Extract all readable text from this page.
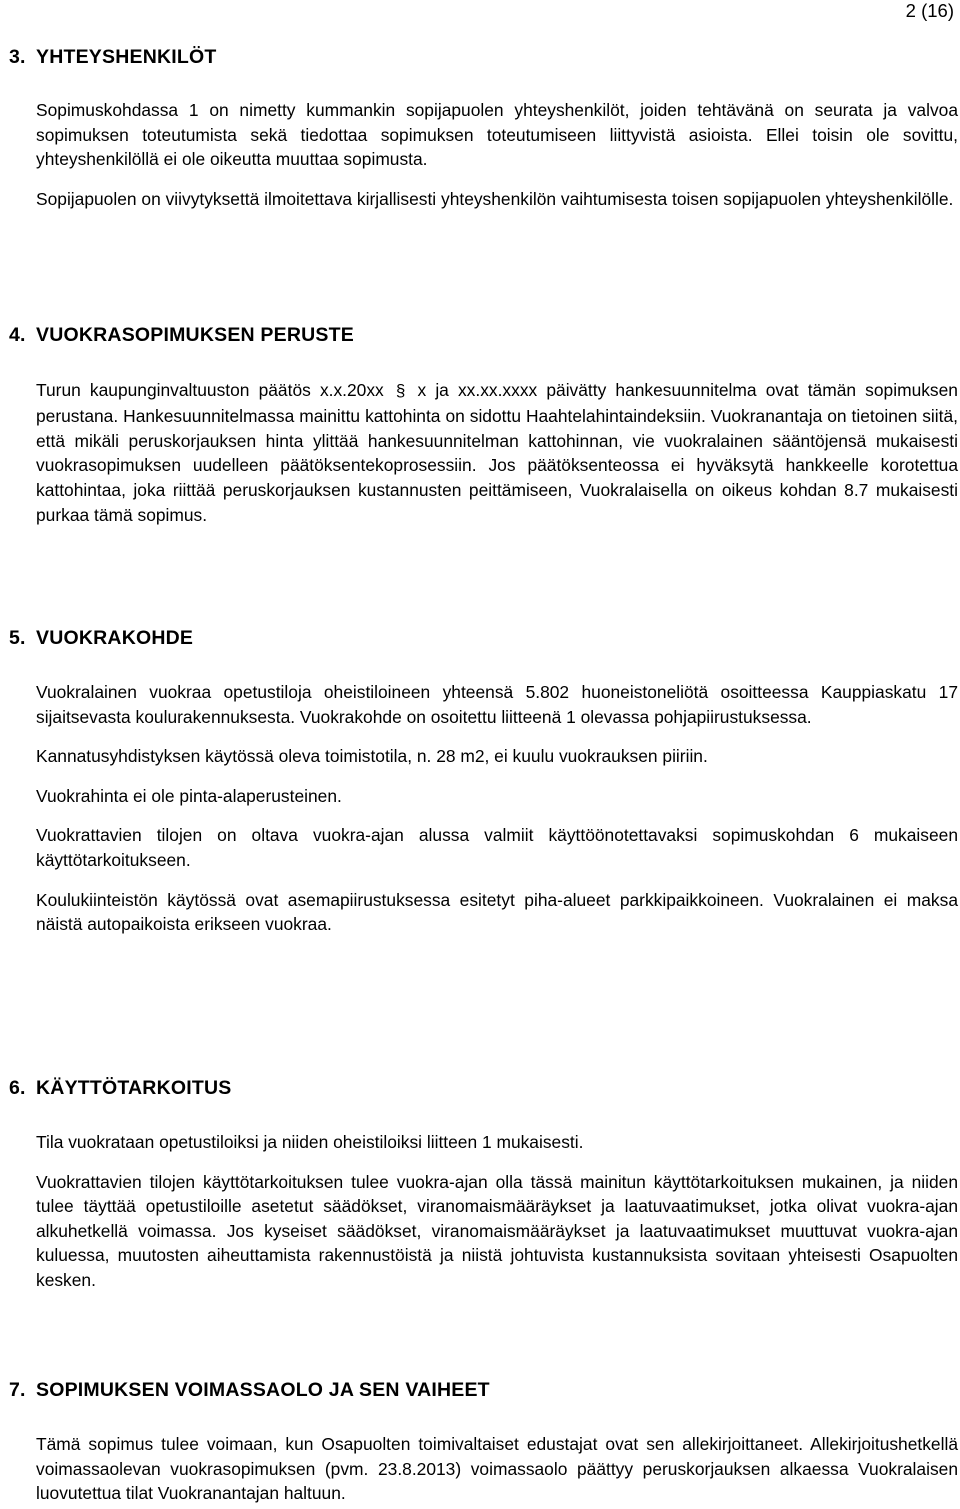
2 (16)
3. YHTEYSHENKILÖT

Sopimuskohdassa 1 on nimetty kummankin sopijapuolen yhteyshenkilöt, joiden tehtävänä on seurata ja valvoa sopimuksen toteutumista sekä tiedottaa sopimuksen toteutumiseen liittyvistä asioista. Ellei toisin ole sovittu, yhteyshenkilöllä ei ole oikeutta muuttaa sopimusta.

Sopijapuolen on viivytyksettä ilmoitettava kirjallisesti yhteyshenkilön vaihtumisesta toisen sopijapuolen yhteyshenkilölle.

4. VUOKRASOPIMUKSEN PERUSTE

Turun kaupunginvaltuuston päätös x.x.20xx § x ja xx.xx.xxxx päivätty hankesuunnitelma ovat tämän sopimuksen perustana. Hankesuunnitelmassa mainittu kattohinta on sidottu Haahtelahintaindeksiin. Vuokranantaja on tietoinen siitä, että mikäli peruskorjauksen hinta ylittää hankesuunnitelman kattohinnan, vie vuokralainen sääntöjensä mukaisesti vuokrasopimuksen uudelleen päätöksentekoprosessiin. Jos päätöksenteossa ei hyväksytä hankkeelle korotettua kattohintaa, joka riittää peruskorjauksen kustannusten peittämiseen, Vuokralaisella on oikeus kohdan 8.7 mukaisesti purkaa tämä sopimus.

5. VUOKRAKOHDE

Vuokralainen vuokraa opetustiloja oheistiloineen yhteensä 5.802 huoneistoneliötä osoitteessa Kauppiaskatu 17 sijaitsevasta koulurakennuksesta. Vuokrakohde on osoitettu liitteenä 1 olevassa pohjapiirustuksessa.

Kannatusyhdistyksen käytössä oleva toimistotila, n. 28 m2, ei kuulu vuokrauksen piiriin.

Vuokrahinta ei ole pinta-alaperusteinen.

Vuokrattavien tilojen on oltava vuokra-ajan alussa valmiit käyttöönotettavaksi sopimuskohdan 6 mukaiseen käyttötarkoitukseen.

Koulukiinteistön käytössä ovat asemapiirustuksessa esitetyt piha-alueet parkkipaikkoineen. Vuokralainen ei maksa näistä autopaikoista erikseen vuokraa.

6. KÄYTTÖTARKOITUS

Tila vuokrataan opetustiloiksi ja niiden oheistiloiksi liitteen 1 mukaisesti.

Vuokrattavien tilojen käyttötarkoituksen tulee vuokra-ajan olla tässä mainitun käyttötarkoituksen mukainen, ja niiden tulee täyttää opetustiloille asetetut säädökset, viranomaismääräykset ja laatuvaatimukset, jotka olivat vuokra-ajan alkuhetkellä voimassa. Jos kyseiset säädökset, viranomaismääräykset ja laatuvaatimukset muuttuvat vuokra-ajan kuluessa, muutosten aiheuttamista rakennustöistä ja niistä johtuvista kustannuksista sovitaan yhteisesti Osapuolten kesken.

7. SOPIMUKSEN VOIMASSAOLO JA SEN VAIHEET

Tämä sopimus tulee voimaan, kun Osapuolten toimivaltaiset edustajat ovat sen allekirjoittaneet. Allekirjoitushetkellä voimassaolevan vuokrasopimuksen (pvm. 23.8.2013) voimassaolo päättyy peruskorjauksen alkaessa Vuokralaisen luovutettua tilat Vuokranantajan haltuun.
